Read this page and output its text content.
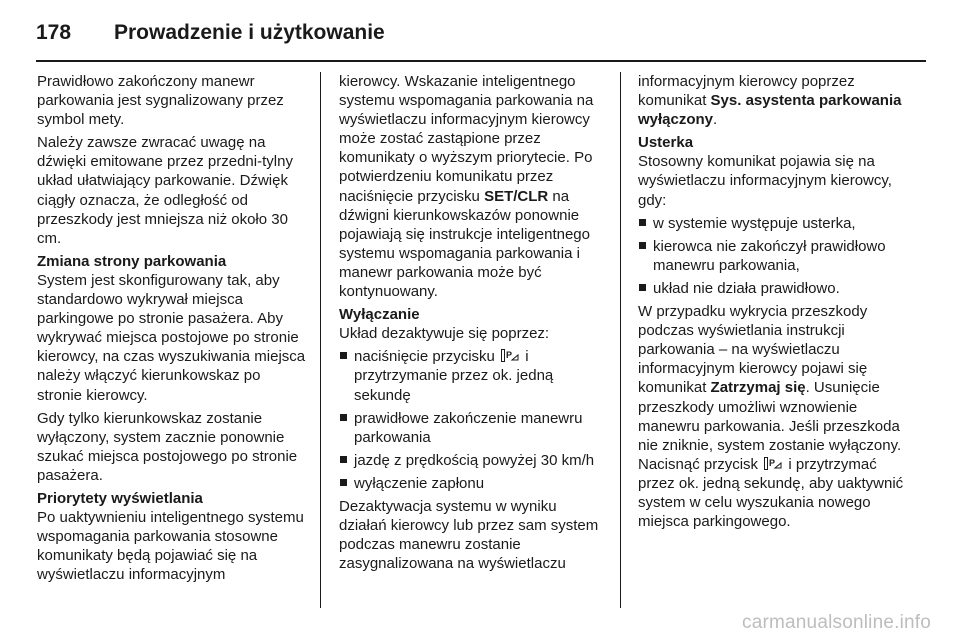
178	Prowadzenie i użytkowanie

Prawidłowo zakończony manewr parkowania jest sygnalizowany przez symbol mety.

Należy zawsze zwracać uwagę na dźwięki emitowane przez przedni-tylny układ ułatwiający parkowanie. Dźwięk ciągły oznacza, że odległość od przeszkody jest mniejsza niż około 30 cm.

Zmiana strony parkowania

System jest skonfigurowany tak, aby standardowo wykrywał miejsca parkingowe po stronie pasażera. Aby wykrywać miejsca postojowe po stronie kierowcy, na czas wyszukiwania miejsca należy włączyć kierunkowskaz po stronie kierowcy.

Gdy tylko kierunkowskaz zostanie wyłączony, system zacznie ponownie szukać miejsca postojowego po stronie pasażera.

Priorytety wyświetlania

Po uaktywnieniu inteligentnego systemu wspomagania parkowania stosowne komunikaty będą pojawiać się na wyświetlaczu informacyjnym

kierowcy. Wskazanie inteligentnego systemu wspomagania parkowania na wyświetlaczu informacyjnym kierowcy może zostać zastąpione przez komunikaty o wyższym priorytecie. Po potwierdzeniu komunikatu przez naciśnięcie przycisku SET/CLR na dźwigni kierunkowskazów ponownie pojawiają się instrukcje inteligentnego systemu wspomagania parkowania i manewr parkowania może być kontynuowany.

Wyłączanie

Układ dezaktywuje się poprzez:

naciśnięcie przycisku P i przytrzymanie przez ok. jedną sekundę
prawidłowe zakończenie manewru parkowania
jazdę z prędkością powyżej 30 km/h
wyłączenie zapłonu

Dezaktywacja systemu w wyniku działań kierowcy lub przez sam system podczas manewru zostanie zasygnalizowana na wyświetlaczu

informacyjnym kierowcy poprzez komunikat Sys. asystenta parkowania wyłączony.

Usterka

Stosowny komunikat pojawia się na wyświetlaczu informacyjnym kierowcy, gdy:

w systemie występuje usterka,
kierowca nie zakończył prawidłowo manewru parkowania,
układ nie działa prawidłowo.

W przypadku wykrycia przeszkody podczas wyświetlania instrukcji parkowania – na wyświetlaczu informacyjnym kierowcy pojawi się komunikat Zatrzymaj się. Usunięcie przeszkody umożliwi wznowienie manewru parkowania. Jeśli przeszkoda nie zniknie, system zostanie wyłączony. Nacisnąć przycisk P i przytrzymać przez ok. jedną sekundę, aby uaktywnić system w celu wyszukania nowego miejsca parkingowego.

carmanualsonline.info
